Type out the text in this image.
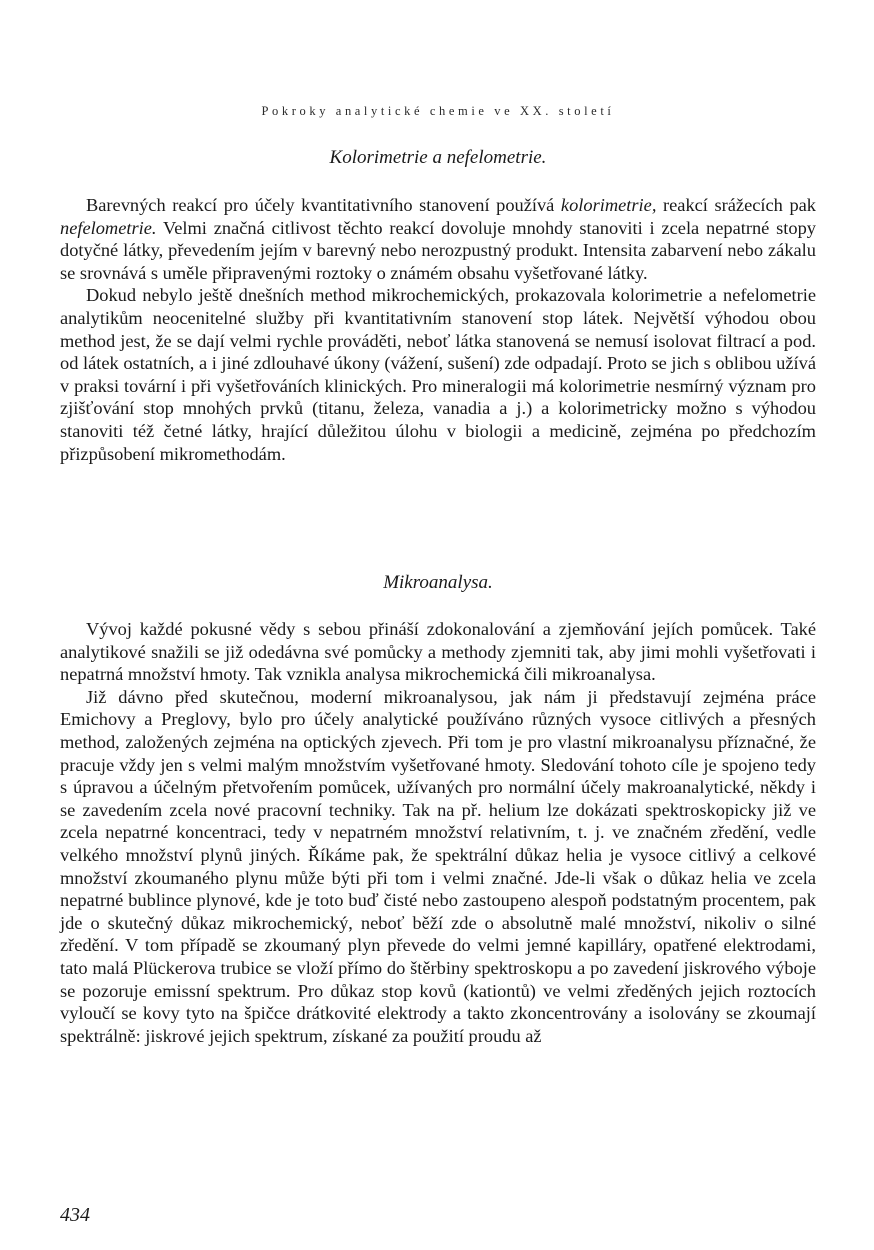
Pokroky analytické chemie ve XX. století
Kolorimetrie a nefelometrie.

Barevných reakcí pro účely kvantitativního stanovení používá kolorimetrie, reakcí srážecích pak nefelometrie. Velmi značná citlivost těchto reakcí dovoluje mnohdy stanoviti i zcela nepatrné stopy dotyčné látky, převedením jejím v barevný nebo nerozpustný produkt. Intensita zabarvení nebo zákalu se srovnává s uměle připravenými roztoky o známém obsahu vyšetřované látky.

Dokud nebylo ještě dnešních method mikrochemických, prokazovala kolorimetrie a nefelometrie analytikům neocenitelné služby při kvantitativním stanovení stop látek. Největší výhodou obou method jest, že se dají velmi rychle prováděti, neboť látka stanovená se nemusí isolovat filtrací a pod. od látek ostatních, a i jiné zdlouhavé úkony (vážení, sušení) zde odpadají. Proto se jich s oblibou užívá v praksi tovární i při vyšetřováních klinických. Pro mineralogii má kolorimetrie nesmírný význam pro zjišťování stop mnohých prvků (titanu, železa, vanadia a j.) a kolorimetricky možno s výhodou stanoviti též četné látky, hrající důležitou úlohu v biologii a medicině, zejména po předchozím přizpůsobení mikromethodám.

Mikroanalysa.

Vývoj každé pokusné vědy s sebou přináší zdokonalování a zjemňování jejích pomůcek. Také analytikové snažili se již odedávna své pomůcky a methody zjemniti tak, aby jimi mohli vyšetřovati i nepatrná množství hmoty. Tak vznikla analysa mikrochemická čili mikroanalysa.

Již dávno před skutečnou, moderní mikroanalysou, jak nám ji představují zejména práce Emichovy a Preglovy, bylo pro účely analytické používáno různých vysoce citlivých a přesných method, založených zejména na optických zjevech. Při tom je pro vlastní mikroanalysu příznačné, že pracuje vždy jen s velmi malým množstvím vyšetřované hmoty. Sledování tohoto cíle je spojeno tedy s úpravou a účelným přetvořením pomůcek, užívaných pro normální účely makroanalytické, někdy i se zavedením zcela nové pracovní techniky. Tak na př. helium lze dokázati spektroskopicky již ve zcela nepatrné koncentraci, tedy v nepatrném množství relativním, t. j. ve značném zředění, vedle velkého množství plynů jiných. Říkáme pak, že spektrální důkaz helia je vysoce citlivý a celkové množství zkoumaného plynu může býti při tom i velmi značné. Jde-li však o důkaz helia ve zcela nepatrné bublince plynové, kde je toto buď čisté nebo zastoupeno alespoň podstatným procentem, pak jde o skutečný důkaz mikrochemický, neboť běží zde o absolutně malé množství, nikoliv o silné zředění. V tom případě se zkoumaný plyn převede do velmi jemné kapilláry, opatřené elektrodami, tato malá Plückerova trubice se vloží přímo do štěrbiny spektroskopu a po zavedení jiskrového výboje se pozoruje emissní spektrum. Pro důkaz stop kovů (kationtů) ve velmi zředěných jejich roztocích vyloučí se kovy tyto na špičce drátkovité elektrody a takto zkoncentrovány a isolovány se zkoumají spektrálně: jiskrové jejich spektrum, získané za použití proudu až

434
